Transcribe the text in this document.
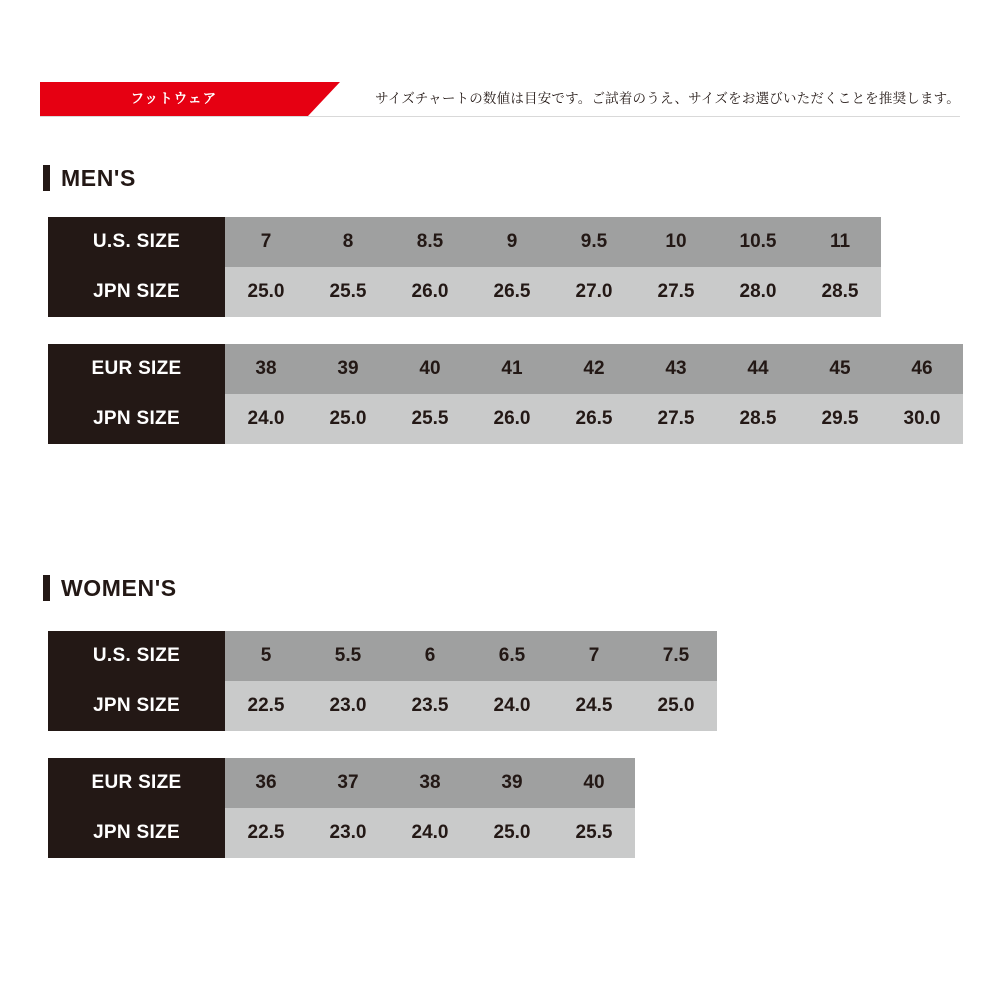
フットウェア	サイズチャートの数値は目安です。ご試着のうえ、サイズをお選びいただくことを推奨します。
MEN'S
U.S. SIZE	7	8	8.5	9	9.5	10	10.5	11
JPN SIZE	25.0	25.5	26.0	26.5	27.0	27.5	28.0	28.5
EUR SIZE	38	39	40	41	42	43	44	45	46
JPN SIZE	24.0	25.0	25.5	26.0	26.5	27.5	28.5	29.5	30.0
WOMEN'S
U.S. SIZE	5	5.5	6	6.5	7	7.5
JPN SIZE	22.5	23.0	23.5	24.0	24.5	25.0
EUR SIZE	36	37	38	39	40
JPN SIZE	22.5	23.0	24.0	25.0	25.5
